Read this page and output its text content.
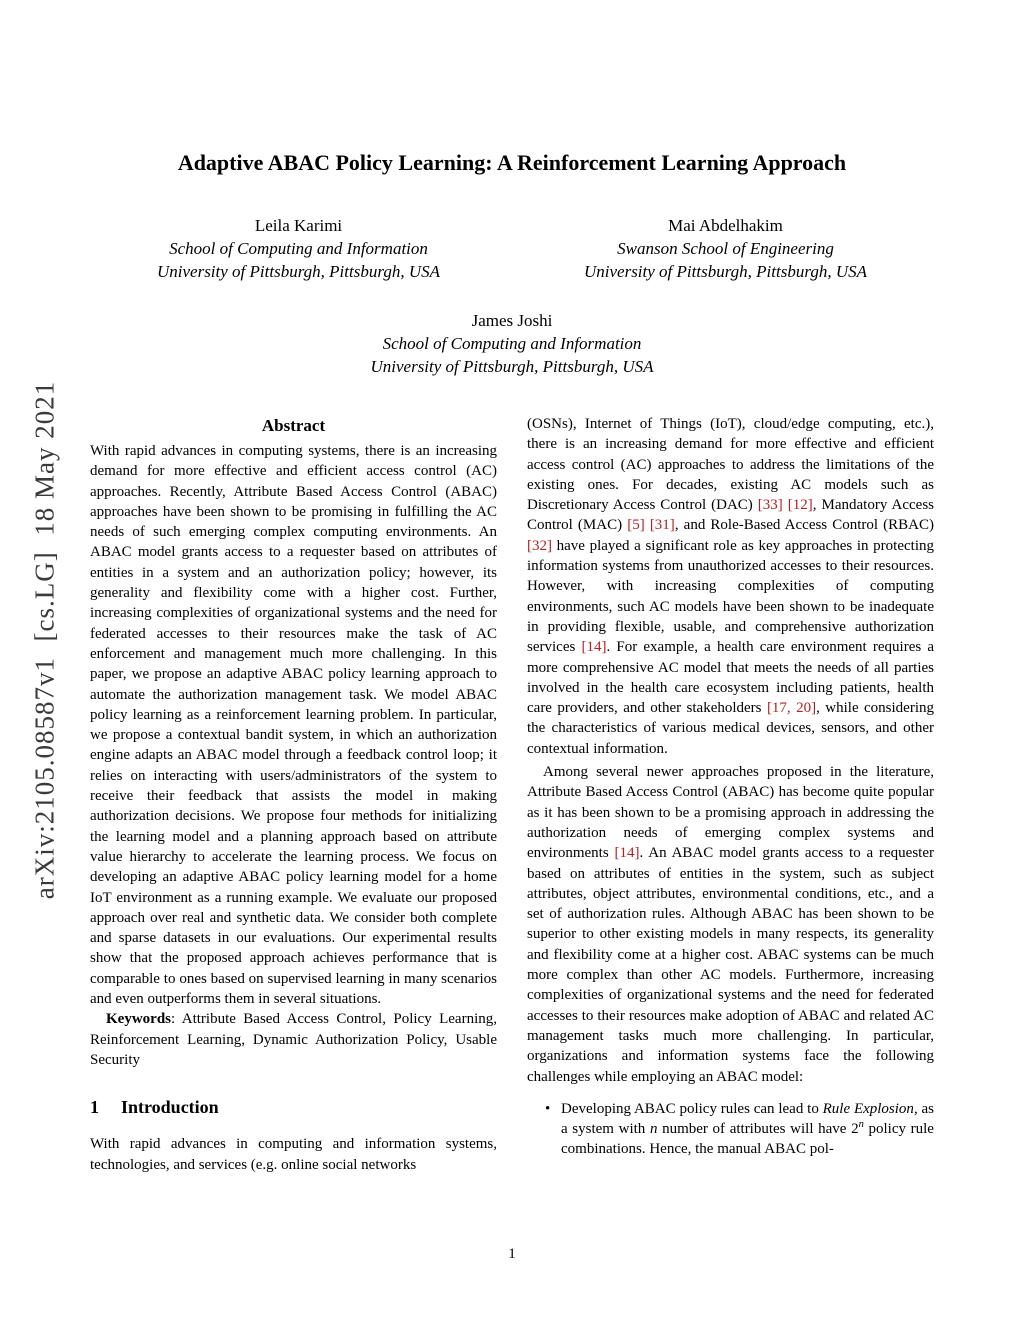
arXiv:2105.08587v1  [cs.LG]  18 May 2021
Adaptive ABAC Policy Learning: A Reinforcement Learning Approach
Leila Karimi
School of Computing and Information
University of Pittsburgh, Pittsburgh, USA
Mai Abdelhakim
Swanson School of Engineering
University of Pittsburgh, Pittsburgh, USA
James Joshi
School of Computing and Information
University of Pittsburgh, Pittsburgh, USA
Abstract

With rapid advances in computing systems, there is an increasing demand for more effective and efficient access control (AC) approaches. Recently, Attribute Based Access Control (ABAC) approaches have been shown to be promising in fulfilling the AC needs of such emerging complex computing environments. An ABAC model grants access to a requester based on attributes of entities in a system and an authorization policy; however, its generality and flexibility come with a higher cost. Further, increasing complexities of organizational systems and the need for federated accesses to their resources make the task of AC enforcement and management much more challenging. In this paper, we propose an adaptive ABAC policy learning approach to automate the authorization management task. We model ABAC policy learning as a reinforcement learning problem. In particular, we propose a contextual bandit system, in which an authorization engine adapts an ABAC model through a feedback control loop; it relies on interacting with users/administrators of the system to receive their feedback that assists the model in making authorization decisions. We propose four methods for initializing the learning model and a planning approach based on attribute value hierarchy to accelerate the learning process. We focus on developing an adaptive ABAC policy learning model for a home IoT environment as a running example. We evaluate our proposed approach over real and synthetic data. We consider both complete and sparse datasets in our evaluations. Our experimental results show that the proposed approach achieves performance that is comparable to ones based on supervised learning in many scenarios and even outperforms them in several situations.

Keywords: Attribute Based Access Control, Policy Learning, Reinforcement Learning, Dynamic Authorization Policy, Usable Security

1 Introduction

With rapid advances in computing and information systems, technologies, and services (e.g. online social networks

(OSNs), Internet of Things (IoT), cloud/edge computing, etc.), there is an increasing demand for more effective and efficient access control (AC) approaches to address the limitations of the existing ones. For decades, existing AC models such as Discretionary Access Control (DAC) [33] [12], Mandatory Access Control (MAC) [5] [31], and Role-Based Access Control (RBAC) [32] have played a significant role as key approaches in protecting information systems from unauthorized accesses to their resources. However, with increasing complexities of computing environments, such AC models have been shown to be inadequate in providing flexible, usable, and comprehensive authorization services [14]. For example, a health care environment requires a more comprehensive AC model that meets the needs of all parties involved in the health care ecosystem including patients, health care providers, and other stakeholders [17, 20], while considering the characteristics of various medical devices, sensors, and other contextual information.

Among several newer approaches proposed in the literature, Attribute Based Access Control (ABAC) has become quite popular as it has been shown to be a promising approach in addressing the authorization needs of emerging complex systems and environments [14]. An ABAC model grants access to a requester based on attributes of entities in the system, such as subject attributes, object attributes, environmental conditions, etc., and a set of authorization rules. Although ABAC has been shown to be superior to other existing models in many respects, its generality and flexibility come at a higher cost. ABAC systems can be much more complex than other AC models. Furthermore, increasing complexities of organizational systems and the need for federated accesses to their resources make adoption of ABAC and related AC management tasks much more challenging. In particular, organizations and information systems face the following challenges while employing an ABAC model:

• Developing ABAC policy rules can lead to Rule Explosion, as a system with n number of attributes will have 2$^n$ policy rule combinations. Hence, the manual ABAC pol-
1
